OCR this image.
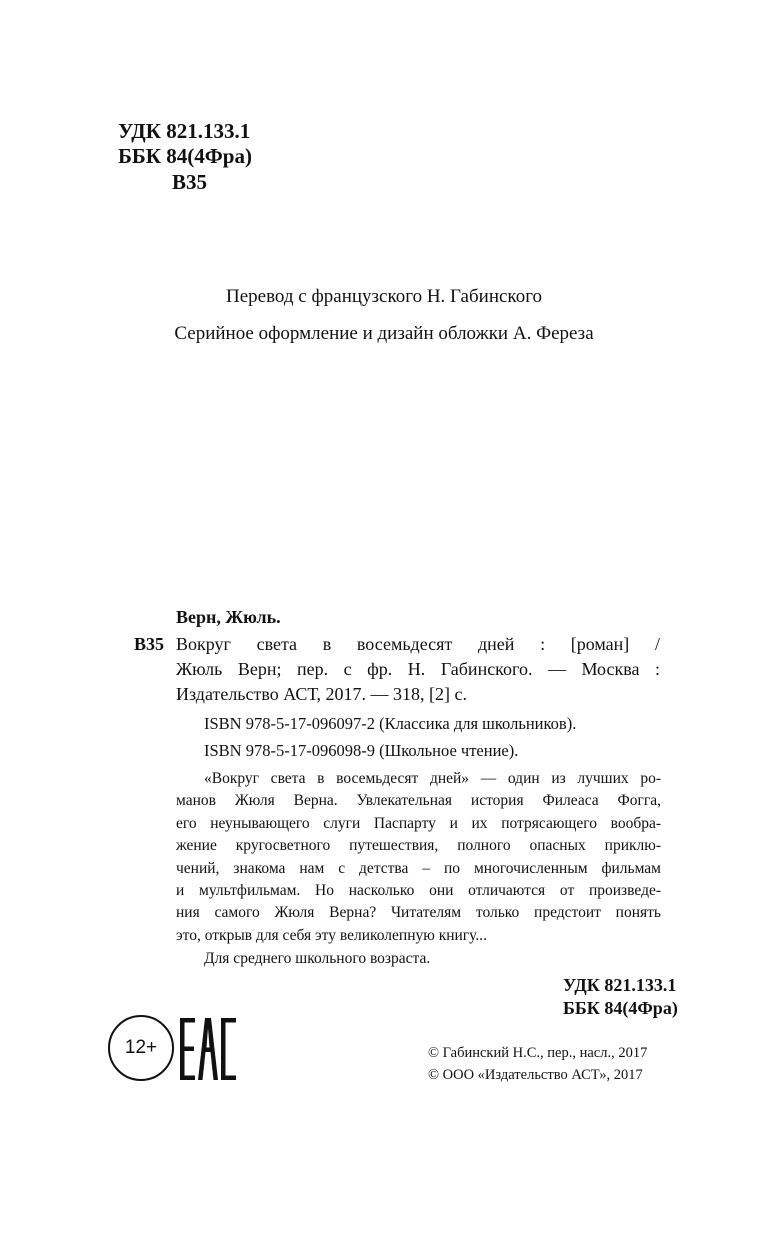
УДК 821.133.1
ББК 84(4Фра)
В35
Перевод с французского Н. Габинского
Серийное оформление и дизайн обложки А. Фереза
Верн, Жюль.
В35 Вокруг света в восемьдесят дней : [роман] /
Жюль Верн; пер. с фр. Н. Габинского. — Москва :
Издательство АСТ, 2017. — 318, [2] с.
ISBN 978-5-17-096097-2 (Классика для школьников).
ISBN 978-5-17-096098-9 (Школьное чтение).
«Вокруг света в восемьдесят дней» — один из лучших ро-
манов Жюля Верна. Увлекательная история Филеаса Фогга,
его неунывающего слуги Паспарту и их потрясающего вообра-
жение кругосветного путешествия, полного опасных приклю-
чений, знакома нам с детства – по многочисленным фильмам
и мультфильмам. Но насколько они отличаются от произведе-
ния самого Жюля Верна? Читателям только предстоит понять
это, открыв для себя эту великолепную книгу...
Для среднего школьного возраста.
УДК 821.133.1
ББК 84(4Фра)
12+	© Габинский Н.С., пер., насл., 2017
© ООО «Издательство АСТ», 2017
